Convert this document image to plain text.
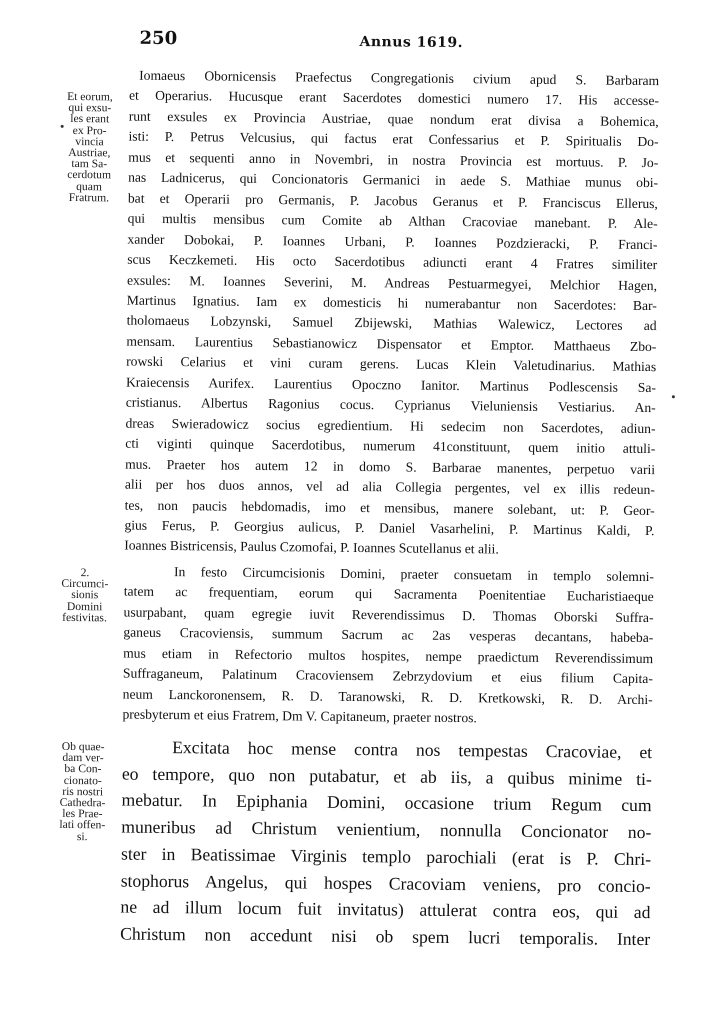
250	Annus 1619.
Et eorum,
qui exsu-
les erant
ex Pro-
vincia
Austriae,
tam Sa-
cerdotum
quam
Fratrum.
Iomaeus Obornicensis Praefectus Congregationis civium apud S. Barbaram
et Operarius. Hucusque erant Sacerdotes domestici numero 17. His accesse-
runt exsules ex Provincia Austriae, quae nondum erat divisa a Bohemica,
isti: P. Petrus Velcusius, qui factus erat Confessarius et P. Spiritualis Do-
mus et sequenti anno in Novembri, in nostra Provincia est mortuus. P. Jo-
nas Ladnicerus, qui Concionatoris Germanici in aede S. Mathiae munus obi-
bat et Operarii pro Germanis, P. Jacobus Geranus et P. Franciscus Ellerus,
qui multis mensibus cum Comite ab Althan Cracoviae manebant. P. Ale-
xander Dobokai, P. Ioannes Urbani, P. Ioannes Pozdzieracki, P. Franci-
scus Keczkemeti. His octo Sacerdotibus adiuncti erant 4 Fratres similiter
exsules: M. Ioannes Severini, M. Andreas Pestuarmegyei, Melchior Hagen,
Martinus Ignatius. Iam ex domesticis hi numerabantur non Sacerdotes: Bar-
tholomaeus Lobzynski, Samuel Zbijewski, Mathias Walewicz, Lectores ad
mensam. Laurentius Sebastianowicz Dispensator et Emptor. Matthaeus Zbo-
rowski Celarius et vini curam gerens. Lucas Klein Valetudinarius. Mathias
Kraiecensis Aurifex. Laurentius Opoczno Ianitor. Martinus Podlescensis Sa-
cristianus. Albertus Ragonius cocus. Cyprianus Vieluniensis Vestiarius. An-
dreas Swieradowicz socius egredientium. Hi sedecim non Sacerdotes, adiun-
cti viginti quinque Sacerdotibus, numerum 41constituunt, quem initio attuli-
mus. Praeter hos autem 12 in domo S. Barbarae manentes, perpetuo varii
alii per hos duos annos, vel ad alia Collegia pergentes, vel ex illis redeun-
tes, non paucis hebdomadis, imo et mensibus, manere solebant, ut: P. Geor-
gius Ferus, P. Georgius aulicus, P. Daniel Vasarhelini, P. Martinus Kaldi, P.
Ioannes Bistricensis, Paulus Czomofai, P. Ioannes Scutellanus et alii.
2.
Circumci-
sionis
Domini
festivitas.
In festo Circumcisionis Domini, praeter consuetam in templo solemni-
tatem ac frequentiam, eorum qui Sacramenta Poenitentiae Eucharistiaeque
usurpabant, quam egregie iuvit Reverendissimus D. Thomas Oborski Suffra-
ganeus Cracoviensis, summum Sacrum ac 2as vesperas decantans, habeba-
mus etiam in Refectorio multos hospites, nempe praedictum Reverendissimum
Suffraganeum, Palatinum Cracoviensem Zebrzydovium et eius filium Capita-
neum Lanckoronensem, R. D. Taranowski, R. D. Kretkowski, R. D. Archi-
presbyterum et eius Fratrem, Dm V. Capitaneum, praeter nostros.
Ob quae-
dam ver-
ba Con-
cionato-
ris nostri
Cathedra-
les Prae-
lati offen-
si.
Excitata hoc mense contra nos tempestas Cracoviae, et
eo tempore, quo non putabatur, et ab iis, a quibus minime ti-
mebatur. In Epiphania Domini, occasione trium Regum cum
muneribus ad Christum venientium, nonnulla Concionator no-
ster in Beatissimae Virginis templo parochiali (erat is P. Chri-
stophorus Angelus, qui hospes Cracoviam veniens, pro concio-
ne ad illum locum fuit invitatus) attulerat contra eos, qui ad
Christum non accedunt nisi ob spem lucri temporalis. Inter
